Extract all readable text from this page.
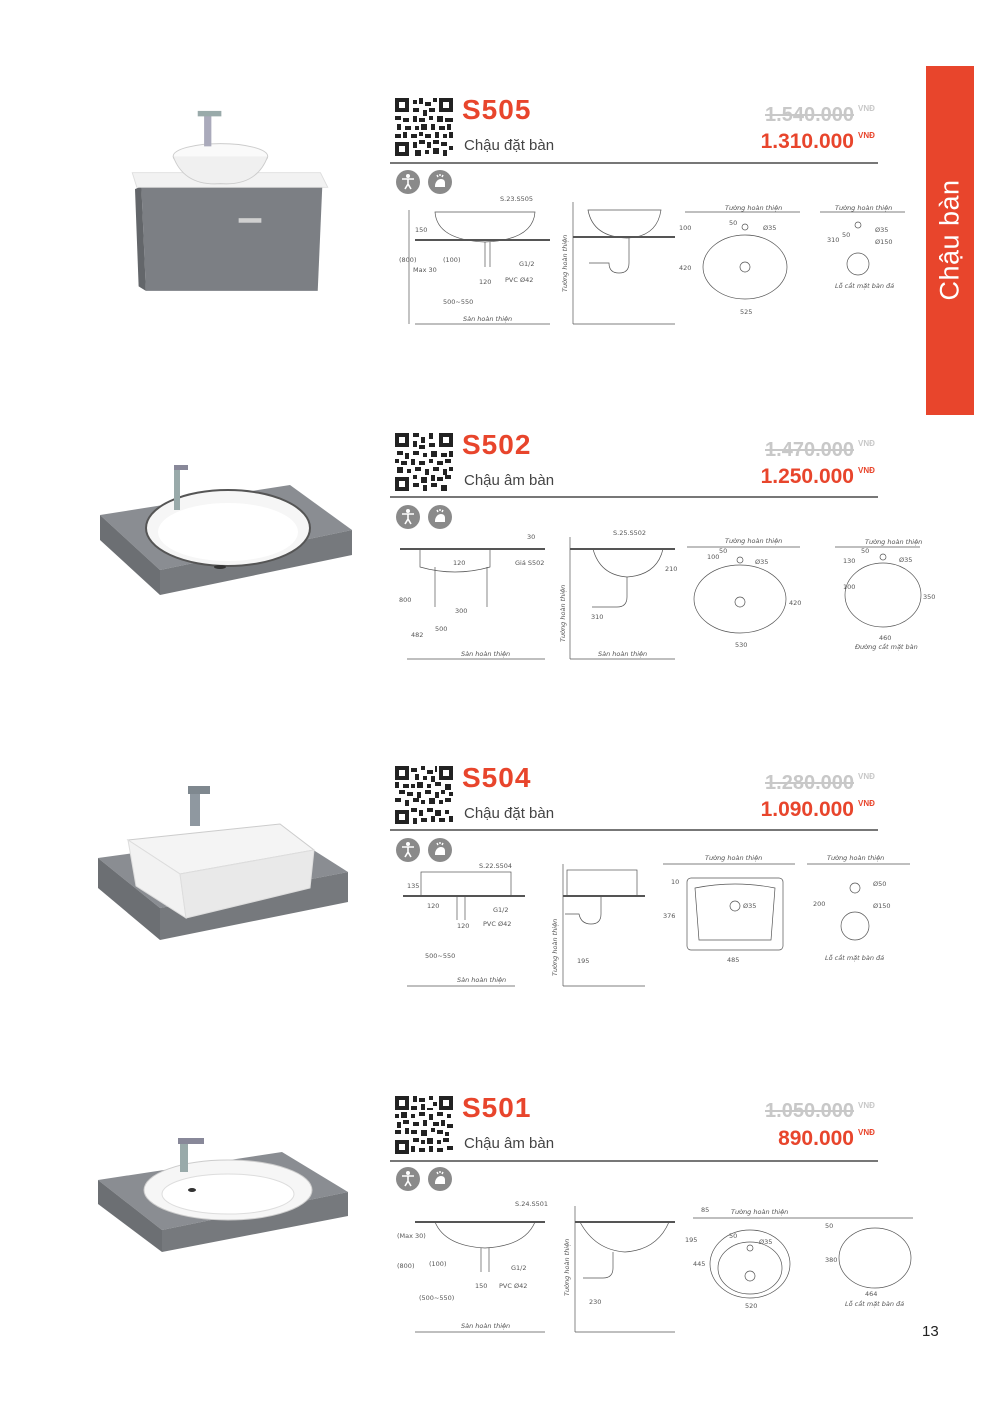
Chậu bàn
S505
Chậu đặt bàn
1.540.000 VNĐ
1.310.000 VNĐ
S.23.S505
150
(800)	(100)
Max 30
500~550
120
G1/2
PVC Ø42
Sàn hoàn thiện
Tường hoàn thiện
100
420
525
Ø35
50
Tường hoàn thiện
310
Ø35
Ø150
50
Tường hoàn thiện
Lỗ cắt mặt bàn đá
S502
Chậu âm bàn
1.470.000 VNĐ
1.250.000 VNĐ
30
120	Giá S502
800
482
500
300
S.25.S502
210
310
Sàn hoàn thiện	Sàn hoàn thiện
Tường hoàn thiện
100
50
Ø35
420
530
Tường hoàn thiện
130
50
Ø35
100
350
460
Tường hoàn thiện
Đường cắt mặt bàn
S504
Chậu đặt bàn
1.280.000 VNĐ
1.090.000 VNĐ
S.22.S504
135
120
500~550
G1/2
PVC Ø42
120
Sàn hoàn thiện
Tường hoàn thiện	195
10
Ø35
376
485
Tường hoàn thiện
200
Ø50
Ø150
Tường hoàn thiện
Lỗ cắt mặt bàn đá
S501
Chậu âm bàn
1.050.000 VNĐ
890.000 VNĐ
S.24.S501
(Max 30)
(800) (100)
(500~550)
G1/2
150 PVC Ø42
Sàn hoàn thiện
Tường hoàn thiện
230
195
445
520
Ø35
50
85	Tường hoàn thiện
380
464
50
Lỗ cắt mặt bàn đá
13
